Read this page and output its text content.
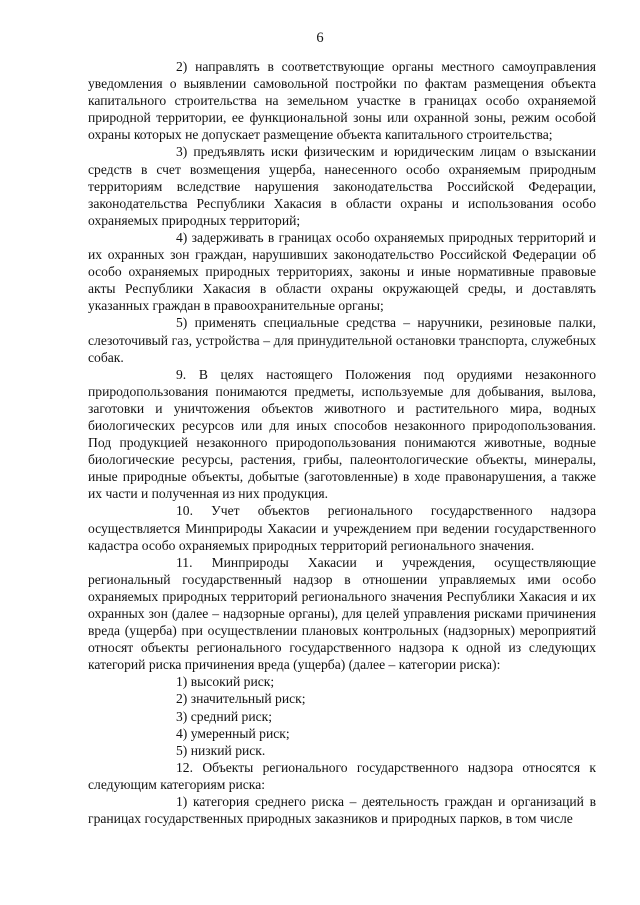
6

2) направлять в соответствующие органы местного самоуправления уведомления о выявлении самовольной постройки по фактам размещения объекта капитального строительства на земельном участке в границах особо охраняемой природной территории, ее функциональной зоны или охранной зоны, режим особой охраны которых не допускает размещение объекта капитального строительства;

3) предъявлять иски физическим и юридическим лицам о взыскании средств в счет возмещения ущерба, нанесенного особо охраняемым природным территориям вследствие нарушения законодательства Российской Федерации, законодательства Республики Хакасия в области охраны и использования особо охраняемых природных территорий;

4) задерживать в границах особо охраняемых природных территорий и их охранных зон граждан, нарушивших законодательство Российской Федерации об особо охраняемых природных территориях, законы и иные нормативные правовые акты Республики Хакасия в области охраны окружающей среды, и доставлять указанных граждан в правоохранительные органы;

5) применять специальные средства – наручники, резиновые палки, слезоточивый газ, устройства – для принудительной остановки транспорта, служебных собак.

9. В целях настоящего Положения под орудиями незаконного природопользования понимаются предметы, используемые для добывания, вылова, заготовки и уничтожения объектов животного и растительного мира, водных биологических ресурсов или для иных способов незаконного природопользования. Под продукцией незаконного природопользования понимаются животные, водные биологические ресурсы, растения, грибы, палеонтологические объекты, минералы, иные природные объекты, добытые (заготовленные) в ходе правонарушения, а также их части и полученная из них продукция.

10. Учет объектов регионального государственного надзора осуществляется Минприроды Хакасии и учреждением при ведении государственного кадастра особо охраняемых природных территорий регионального значения.

11. Минприроды Хакасии и учреждения, осуществляющие региональный государственный надзор в отношении управляемых ими особо охраняемых природных территорий регионального значения Республики Хакасия и их охранных зон (далее – надзорные органы), для целей управления рисками причинения вреда (ущерба) при осуществлении плановых контрольных (надзорных) мероприятий относят объекты регионального государственного надзора к одной из следующих категорий риска причинения вреда (ущерба) (далее – категории риска):

1) высокий риск;

2) значительный риск;

3) средний риск;

4) умеренный риск;

5) низкий риск.

12. Объекты регионального государственного надзора относятся к следующим категориям риска:

1) категория среднего риска – деятельность граждан и организаций в границах государственных природных заказников и природных парков, в том числе
